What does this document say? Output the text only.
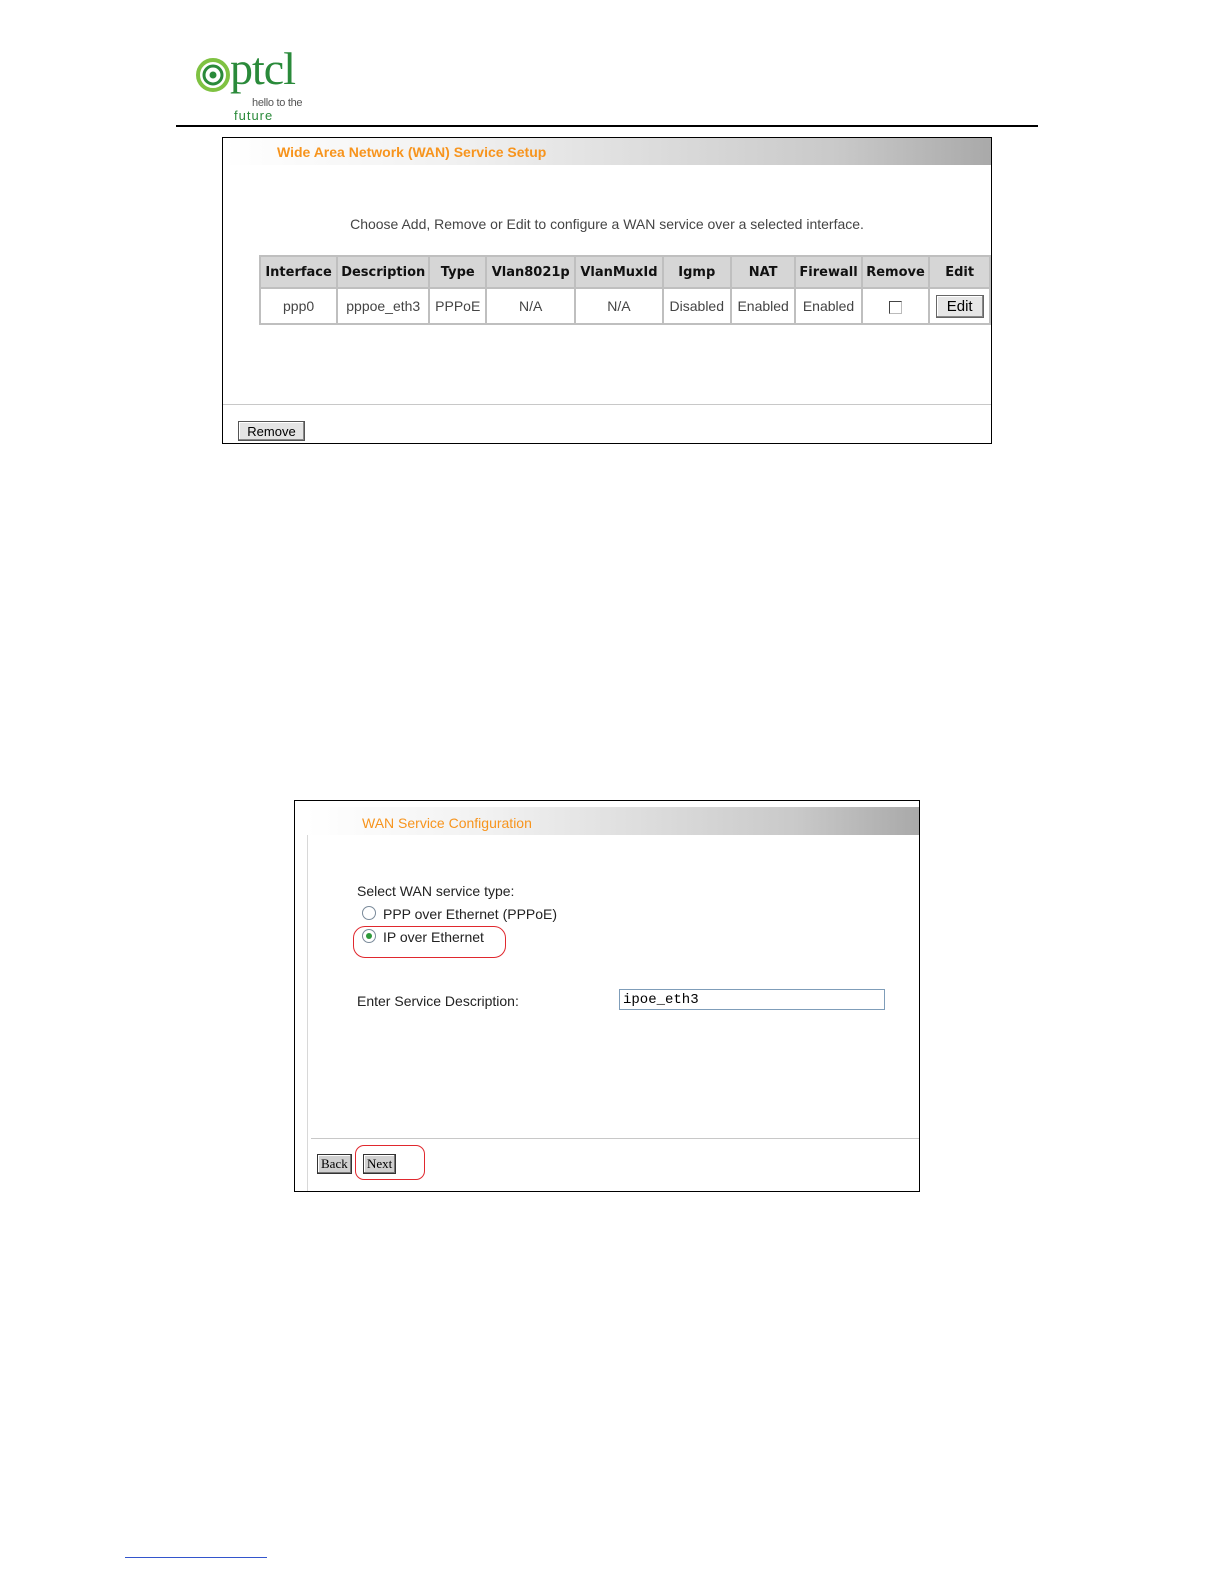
ptcl
hello to the
future
Wide Area Network (WAN) Service Setup
Choose Add, Remove or Edit to configure a WAN service over a selected interface.
Interface	Description	Type	Vlan8021p	VlanMuxId	Igmp	NAT	Firewall	Remove	Edit
ppp0	pppoe_eth3	PPPoE	N/A	N/A	Disabled	Enabled	Enabled		Edit
Remove
WAN Service Configuration
Select WAN service type:
PPP over Ethernet (PPPoE)
IP over Ethernet
Enter Service Description:
ipoe_eth3
Back	Next
